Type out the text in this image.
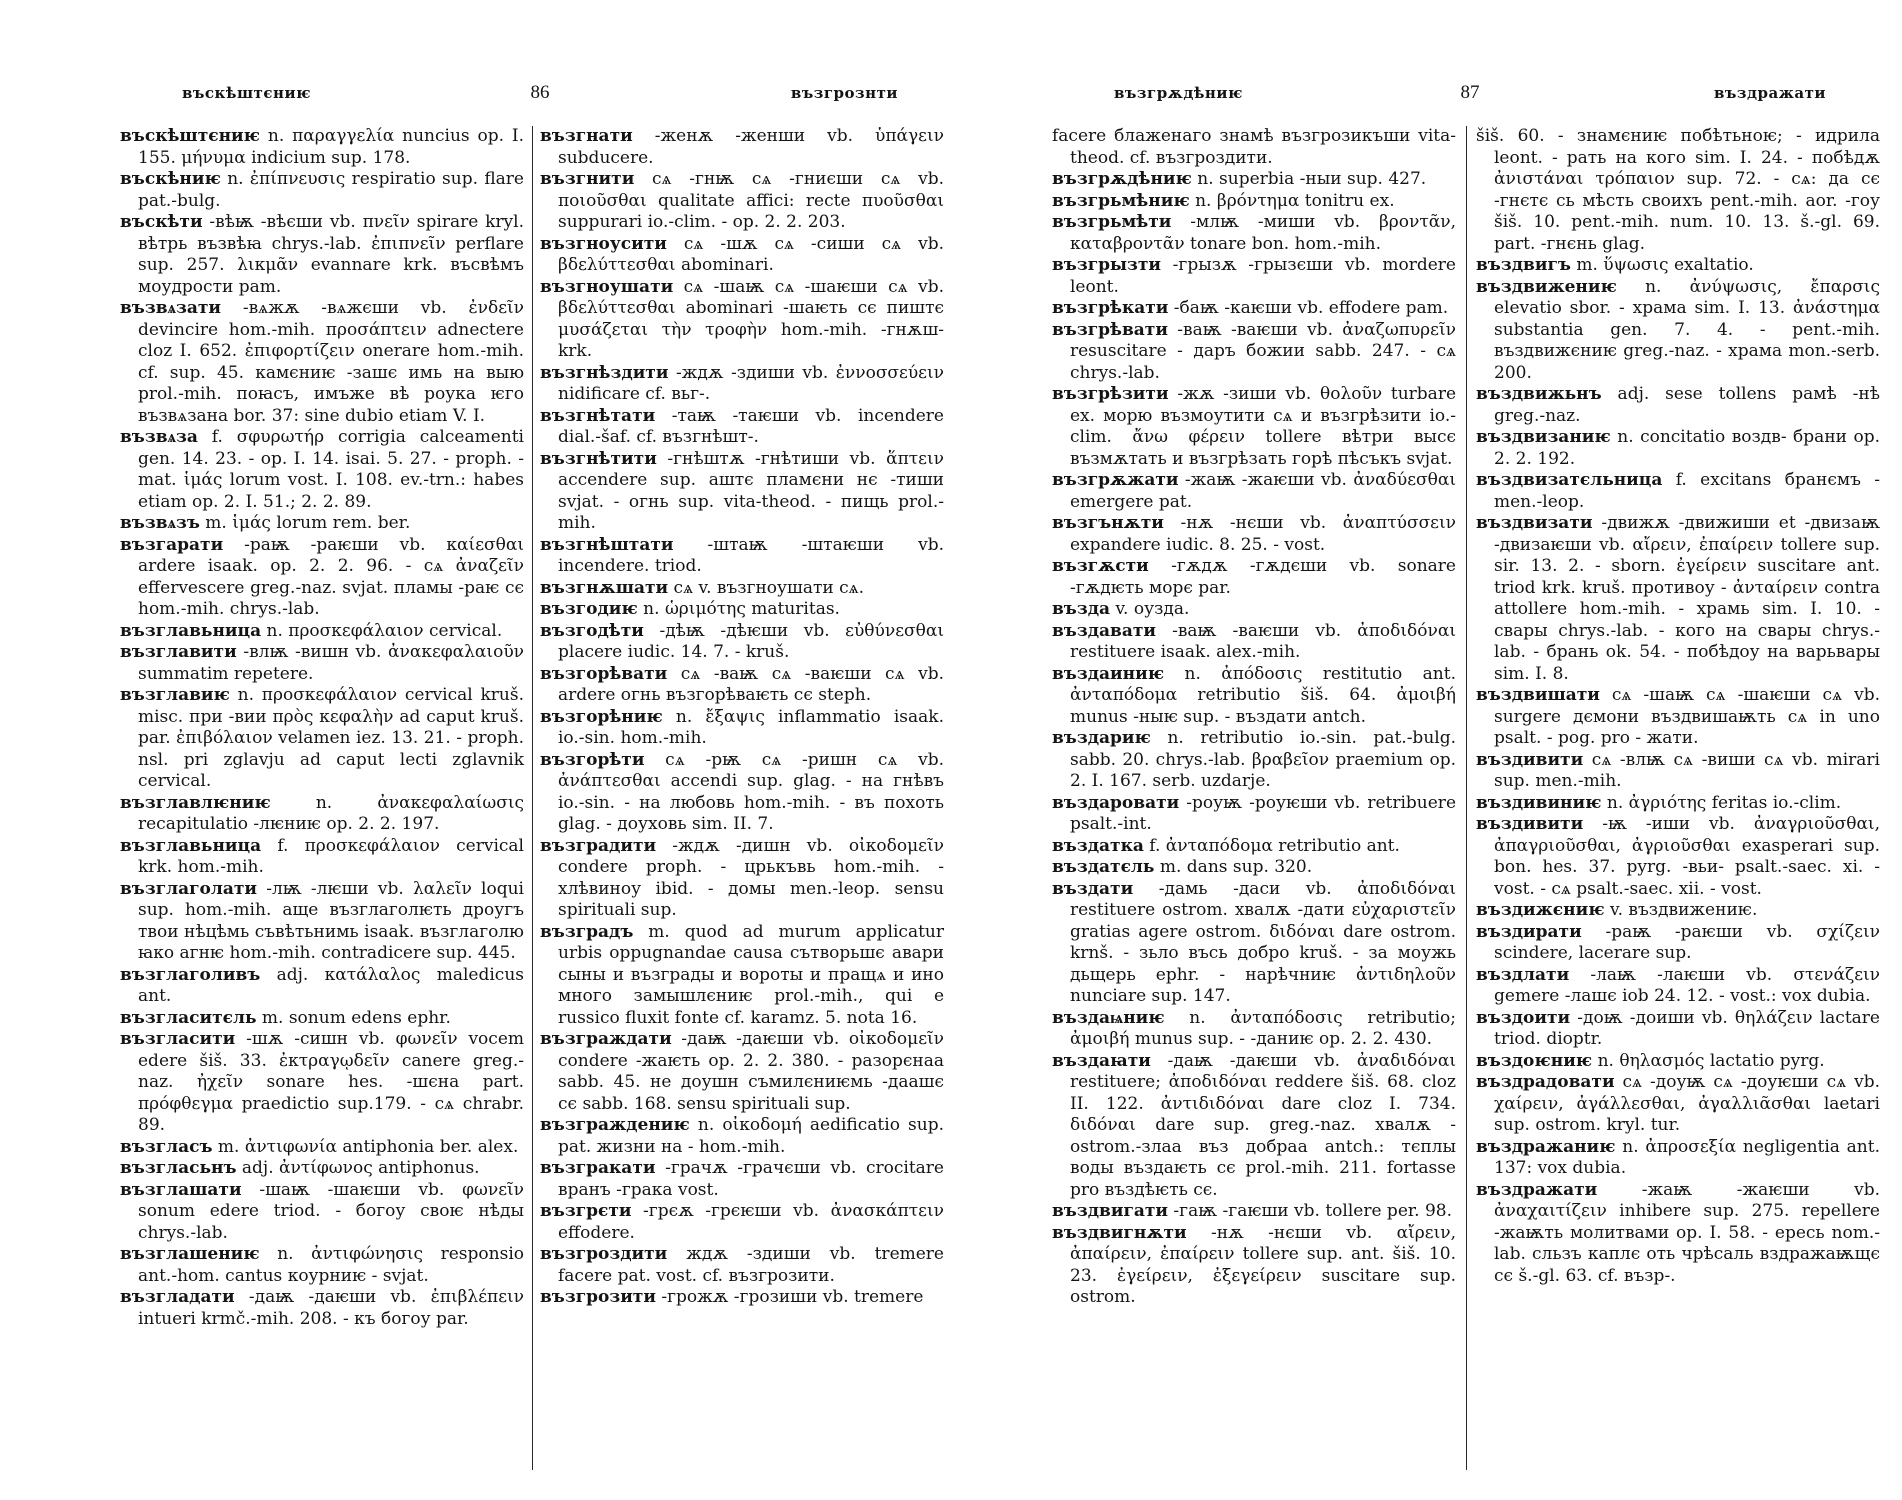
въскѣштєниѥ	86	възгрознти

въскѣштєниѥ n. παραγγελία nuncius op. I. 155. μήνυμα indicium sup. 178.

въскѣниѥ n. ἐπίπνευσις respiratio sup. flare pat.-bulg.

въскѣти -вѣѭ -вѣєши vb. πνεῖν spirare kryl. вѣтрь възвѣꙗ chrys.-lab. ἐπιπνεῖν perflare sup. 257. λικμᾶν evannare krk. въсвѣмъ моудрости pam.

възвѧзати -вѧжѫ -вѧжєши vb. ἐνδεῖν devincire hom.-mih. προσάπτειν adnectere cloz I. 652. ἐπιφορτίζειν onerare hom.-mih. cf. sup. 45. камєниѥ -зашє имь на выю prol.-mih. поꙗсъ, имъже вѣ роука ѥго възвѧзана bor. 37: sine dubio etiam V. I.

възвѧза f. σφυρωτήρ corrigia calceamenti gen. 14. 23. - op. I. 14. isai. 5. 27. - proph. - mat. ἱμάς lorum vost. I. 108. ev.-trn.: habes etiam op. 2. I. 51.; 2. 2. 89.

възвѧзъ m. ἱμάς lorum rem. ber.

възгарати -раѭ -раѥши vb. καίεσθαι ardere isaak. op. 2. 2. 96. - сѧ ἀναζεῖν effervescere greg.-naz. svjat. пламы -раѥ сє hom.-mih. chrys.-lab.

възглавьница n. προσκεφάλαιον cervical.

възглавити -влѭ -вишн vb. ἀνακεφαλαιοῦν summatim repetere.

възглавиѥ n. προσκεφάλαιον cervical kruš. misc. при -вии πρὸς κεφαλὴν ad caput kruš. par. ἐπιβόλαιον velamen iez. 13. 21. - proph. nsl. pri zglavju ad caput lecti zglavnik cervical.

възглавлѥниѥ n. ἀνακεφαλαίωσις recapitulatio -лѥниѥ op. 2. 2. 197.

възглавьница f. προσκεφάλαιον cervical krk. hom.-mih.

възглаголати -лѭ -лѥши vb. λαλεῖν loqui sup. hom.-mih. аще възглаголѥть дроугъ твои нѣцѣмь съвѣтьнимь isaak. възглаголю ꙗко агнѥ hom.-mih. contradicere sup. 445.

възглаголивъ adj. κατάλαλος maledicus ant.

възгласитєль m. sonum edens ephr.

възгласити -шѫ -сишн vb. φωνεῖν vocem edere šiš. 33. ἐκτραγῳδεῖν canere greg.-naz. ἠχεῖν sonare hes. -шєна part. πρόφθεγμα praedictio sup.179. - сѧ chrabr. 89.

възгласъ m. ἀντιφωνία antiphonia ber. alex.

възгласьнъ adj. ἀντίφωνος antiphonus.

възглашати -шаѭ -шаѥши vb. φωνεῖν sonum edere triod. - богоу своѥ нѣды chrys.-lab.

възглашениѥ n. ἀντιφώνησις responsio ant.-hom. cantus коурниѥ - svjat.

възгладати -даѭ -даѥши vb. ἐπιβλέπειν intueri krmč.-mih. 208. - къ богоу par.

възгнати -женѫ -женши vb. ὑπάγειν subducere.

възгнити сѧ -гнѭ сѧ -гниєши сѧ vb. ποιοῦσθαι qualitate affici: recte πυοῦσθαι suppurari io.-clim. - op. 2. 2. 203.

възгноусити сѧ -шѫ сѧ -сиши сѧ vb. βδελύττεσθαι abominari.

възгноушати сѧ -шаѭ сѧ -шаѥши сѧ vb. βδελύττεσθαι abominari -шаѥть сє пиштє μυσάζεται τὴν τροφὴν hom.-mih. -гнѫш- krk.

възгнѣздити -ждѫ -здиши vb. ἐννοσσεύειν nidificare cf. вьг-.

възгнѣтати -таѭ -таѥши vb. incendere dial.-šaf. cf. възгнѣшт-.

възгнѣтити -гнѣштѫ -гнѣтиши vb. ἅπτειν accendere sup. аштє пламєни нє -тиши svjat. - огнь sup. vita-theod. - пищь prol.-mih.

възгнѣштати -штаѭ -штаѥши vb. incendere. triod.

възгнѫшати сѧ v. възгноушати сѧ.

възгодиѥ n. ὡριμότης maturitas.

възгодѣти -дѣѭ -дѣѥши vb. εὐθύνεσθαι placere iudic. 14. 7. - kruš.

възгорѣвати сѧ -ваѭ сѧ -ваѥши сѧ vb. ardere огнь възгорѣваѥть сє steph.

възгорѣниѥ n. ἔξαψις inflammatio isaak. io.-sin. hom.-mih.

възгорѣти сѧ -рѭ сѧ -ришн сѧ vb. ἀνάπτεσθαι accendi sup. glag. - на гнѣвъ io.-sin. - на любовь hom.-mih. - въ похоть glag. - доуховь sim. II. 7.

възградити -ждѫ -дишн vb. οἰκοδομεῖν condere proph. - црькъвь hom.-mih. - хлѣвиноу ibid. - домы men.-leop. sensu spirituali sup.

възградъ m. quod ad murum applicatur urbis oppugnandae causa сътворьшє авари сыны и възграды и вороты и пращѧ и ино много замышлєниѥ prol.-mih., qui e russico fluxit fonte cf. karamz. 5. nota 16.

възграждати -даѭ -даѥши vb. οἰκοδομεῖν condere -жаѥть op. 2. 2. 380. - разорєнаа sabb. 45. не доушн съмилєниѥмь -даашє сє sabb. 168. sensu spirituali sup.

възграждениѥ n. οἰκοδομή aedificatio sup. pat. жизни на - hom.-mih.

възгракати -грачѫ -грачєши vb. crocitare вранъ -грака vost.

възгрєти -грєѫ -грєѥши vb. ἀνασκάπτειν effodere.

възгроздити ждѫ -здиши vb. tremere facere pat. vost. cf. възгрозити.

възгрозити -грожѫ -грозиши vb. tremere

възгрѫдѣниѥ	87	въздражати

facere блаженаго знамѣ възгрозикъши vita-theod. cf. възгроздити.

възгрѫдѣниѥ n. superbia -ныи sup. 427.

възгрьмѣниѥ n. βρόντημα tonitru ex.

възгрьмѣти -млѭ -миши vb. βροντᾶν, καταβροντᾶν tonare bon. hom.-mih.

възгрызти -грызѫ -грызєши vb. mordere leont.

възгрѣкати -баѭ -каѥши vb. effodere pam.

възгрѣвати -ваѭ -ваѥши vb. ἀναζωπυρεῖν resuscitare - даръ божии sabb. 247. - сѧ chrys.-lab.

възгрѣзити -жѫ -зиши vb. θολοῦν turbare ex. морю възмоутити сѧ и възгрѣзити io.-clim. ἄνω φέρειν tollere вѣтри высє възмѫтать и възгрѣзать горѣ пѣсъкъ svjat.

възгрѫжати -жаѭ -жаѥши vb. ἀναδύεσθαι emergere pat.

възгънѫти -нѫ -нєши vb. ἀναπτύσσειν expandere iudic. 8. 25. - vost.

възгѫсти -гѫдѫ -гѫдєши vb. sonare -гѫдѥть морє par.

възда v. оузда.

въздавати -ваѭ -ваѥши vb. ἀποδιδόναι restituere isaak. alex.-mih.

въздаиниѥ n. ἀπόδοσις restitutio ant. ἀνταπόδομα retributio šiš. 64. ἀμοιβή munus -ныѥ sup. - въздати antch.

въздариѥ n. retributio io.-sin. pat.-bulg. sabb. 20. chrys.-lab. βραβεῖον praemium op. 2. I. 167. serb. uzdarje.

въздаровати -роуѭ -роуѥши vb. retribuere psalt.-int.

въздатка f. ἀνταπόδομα retributio ant.

въздатєль m. dans sup. 320.

въздати -дамь -даси vb. ἀποδιδόναι restituere ostrom. хвалѫ -дати εὐχαριστεῖν gratias agere ostrom. διδόναι dare ostrom. krnš. - зьло въсь добро kruš. - за моужь дьщерь ephr. - нарѣчниѥ ἀντιδηλοῦν nunciare sup. 147.

въздаѩниѥ n. ἀνταπόδοσις retributio; ἀμοιβή munus sup. - -даниѥ op. 2. 2. 430.

въздаꙗти -даѭ -даѥши vb. ἀναδιδόναι restituere; ἀποδιδόναι reddere šiš. 68. cloz II. 122. ἀντιδιδόναι dare cloz I. 734. διδόναι dare sup. greg.-naz. хвалѫ - ostrom.-злаа въз добраа antch.: тєплы воды въздаѥть сє prol.-mih. 211. fortasse pro въздѣѥть сє.

въздвигати -гаѭ -гаѥши vb. tollere per. 98.

въздвигнѫти -нѫ -нєши vb. αἴρειν, ἀπαίρειν, ἐπαίρειν tollere sup. ant. šiš. 10. 23. ἐγείρειν, ἐξεγείρειν suscitare sup. ostrom.

šiš. 60. - знамєниѥ побѣтьноѥ; - идрила leont. - рать на кого sim. I. 24. - побѣдѫ ἀνιστάναι τρόπαιον sup. 72. - сѧ: да сє -гнєтє сь мѣсть своихъ pent.-mih. aor. -гоу šiš. 10. pent.-mih. num. 10. 13. š.-gl. 69. part. -гнєнь glag.

въздвигъ m. ὕψωσις exaltatio.

въздвижениѥ n. ἀνύψωσις, ἔπαρσις elevatio sbor. - храма sim. I. 13. ἀνάστημα substantia gen. 7. 4. - pent.-mih. въздвижєниѥ greg.-naz. - храма mon.-serb. 200.

въздвижьнъ adj. sese tollens рамѣ -нѣ greg.-naz.

въздвизаниѥ n. concitatio воздв- брани op. 2. 2. 192.

въздвизатєльница f. excitans бранємъ - men.-leop.

въздвизати -движѫ -движиши et -двизаѭ -двизаѥши vb. αἴρειν, ἐπαίρειν tollere sup. sir. 13. 2. - sborn. ἐγείρειν suscitare ant. triod krk. kruš. противоу - ἀνταίρειν contra attollere hom.-mih. - храмь sim. I. 10. - свары chrys.-lab. - кого на свары chrys.-lab. - брань ok. 54. - побѣдоу на варьвары sim. I. 8.

въздвишати сѧ -шаѭ сѧ -шаѥши сѧ vb. surgere дємони въздвишаѭть сѧ in uno psalt. - pog. pro - жати.

въздивити сѧ -влѭ сѧ -виши сѧ vb. mirari sup. men.-mih.

въздивиниѥ n. ἀγριότης feritas io.-clim.

въздивити -ѭ -иши vb. ἀναγριοῦσθαι, ἀπαγριοῦσθαι, ἀγριοῦσθαι exasperari sup. bon. hes. 37. pyrg. -вьи- psalt.-saec. xi. - vost. - сѧ psalt.-saec. xii. - vost.

въздижєниѥ v. въздвижениѥ.

въздирати -раѭ -раѥши vb. σχίζειν scindere, lacerare sup.

въздлати -лаѭ -лаѥши vb. στενάζειν gemere -лашє iob 24. 12. - vost.: vox dubia.

въздоити -доѭ -доиши vb. θηλάζειν lactare triod. dioptr.

въздоѥниѥ n. θηλασμός lactatio pyrg.

въздрадовати сѧ -доуѭ сѧ -доуѥши сѧ vb. χαίρειν, ἀγάλλεσθαι, ἀγαλλιᾶσθαι laetari sup. ostrom. kryl. tur.

въздражаниѥ n. ἀπροσεξία negligentia ant. 137: vox dubia.

въздражати -жаѭ -жаѥши vb. ἀναχαιτίζειν inhibere sup. 275. repellere -жаѭть молитвами op. I. 58. - ересь nom.-lab. сльзъ каплє оть чрѣсаль вздражаѭщє сє š.-gl. 63. cf. възр-.
